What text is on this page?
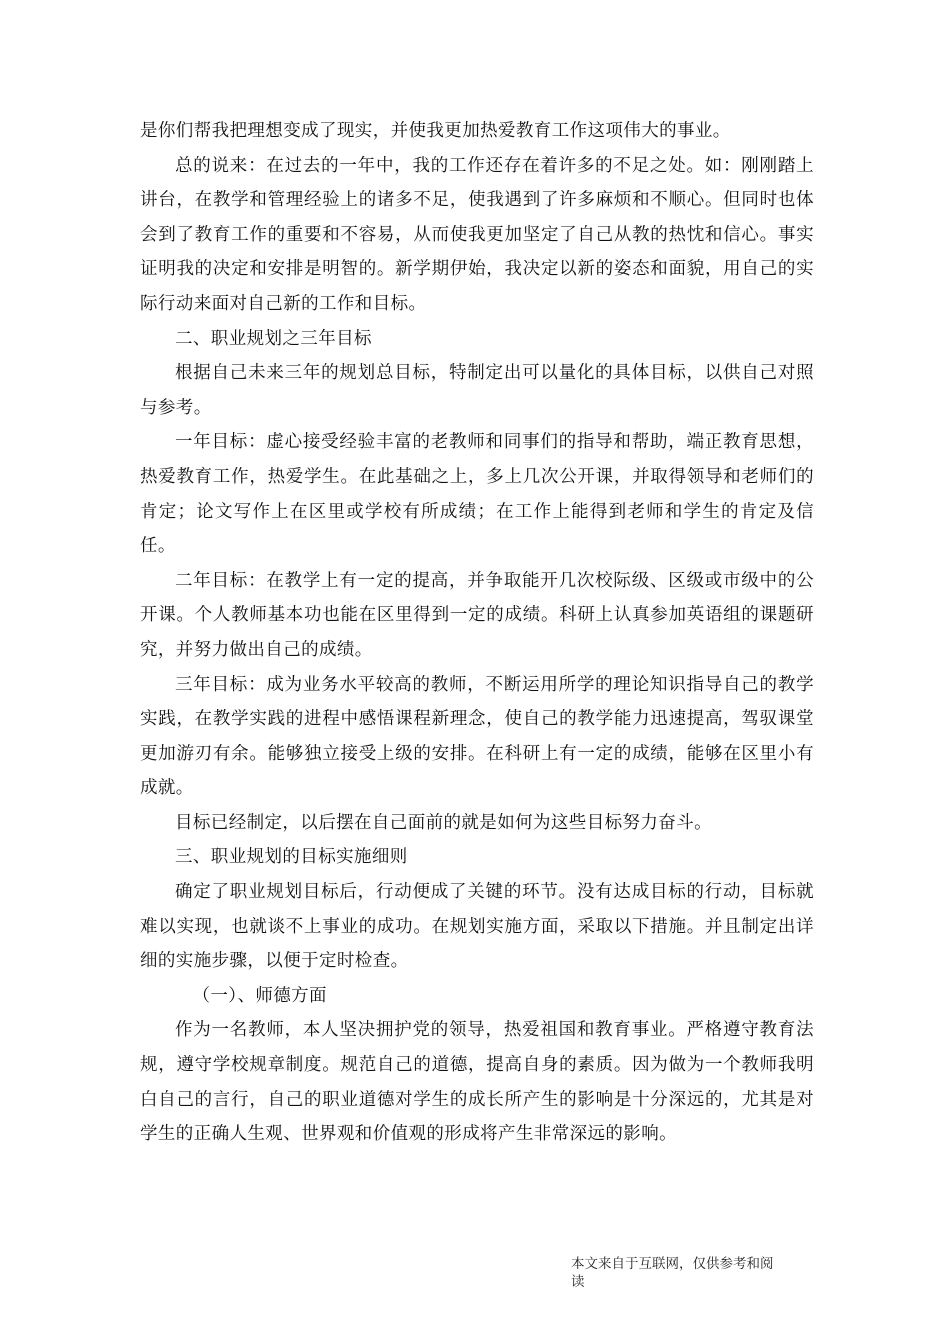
是你们帮我把理想变成了现实，并使我更加热爱教育工作这项伟大的事业。

总的说来：在过去的一年中，我的工作还存在着许多的不足之处。如：刚刚踏上讲台，在教学和管理经验上的诸多不足，使我遇到了许多麻烦和不顺心。但同时也体会到了教育工作的重要和不容易，从而使我更加坚定了自己从教的热忱和信心。事实证明我的决定和安排是明智的。新学期伊始，我决定以新的姿态和面貌，用自己的实际行动来面对自己新的工作和目标。

二、职业规划之三年目标

根据自己未来三年的规划总目标，特制定出可以量化的具体目标，以供自己对照与参考。

一年目标：虚心接受经验丰富的老教师和同事们的指导和帮助，端正教育思想，热爱教育工作，热爱学生。在此基础之上，多上几次公开课，并取得领导和老师们的肯定；论文写作上在区里或学校有所成绩；在工作上能得到老师和学生的肯定及信任。

二年目标：在教学上有一定的提高，并争取能开几次校际级、区级或市级中的公开课。个人教师基本功也能在区里得到一定的成绩。科研上认真参加英语组的课题研究，并努力做出自己的成绩。

三年目标：成为业务水平较高的教师，不断运用所学的理论知识指导自己的教学实践，在教学实践的进程中感悟课程新理念，使自己的教学能力迅速提高，驾驭课堂更加游刃有余。能够独立接受上级的安排。在科研上有一定的成绩，能够在区里小有成就。

目标已经制定，以后摆在自己面前的就是如何为这些目标努力奋斗。

三、职业规划的目标实施细则

确定了职业规划目标后，行动便成了关键的环节。没有达成目标的行动，目标就难以实现，也就谈不上事业的成功。在规划实施方面，采取以下措施。并且制定出详细的实施步骤，以便于定时检查。

（一）、师德方面

作为一名教师，本人坚决拥护党的领导，热爱祖国和教育事业。严格遵守教育法规，遵守学校规章制度。规范自己的道德，提高自身的素质。因为做为一个教师我明白自己的言行，自己的职业道德对学生的成长所产生的影响是十分深远的，尤其是对学生的正确人生观、世界观和价值观的形成将产生非常深远的影响。

本文来自于互联网，仅供参考和阅
读
